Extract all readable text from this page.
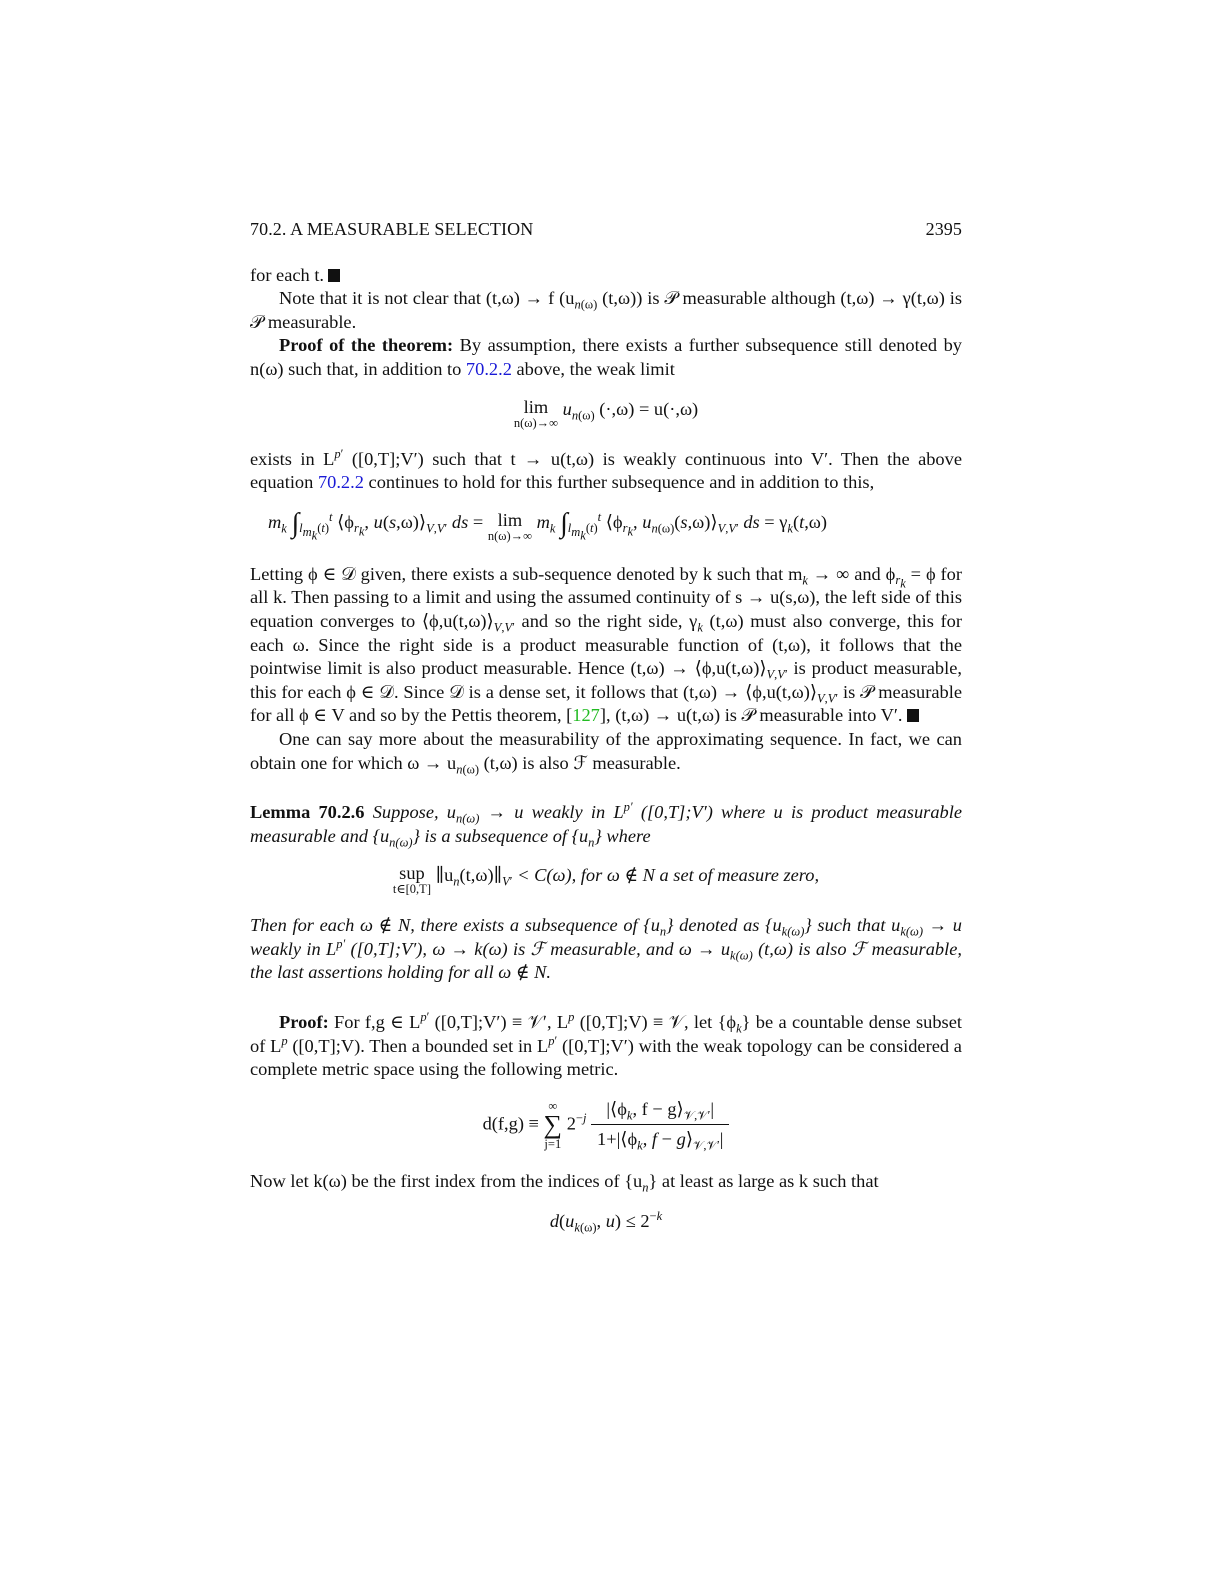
70.2. A MEASURABLE SELECTION	2395

for each t.

Note that it is not clear that (t,ω) → f ($u_{n(\omega)}$ (t,ω)) is 𝒫 measurable although (t,ω) → γ(t,ω) is 𝒫 measurable.

Proof of the theorem: By assumption, there exists a further subsequence still denoted by n(ω) such that, in addition to 70.2.2 above, the weak limit

lim
n(ω)→∞
$u_{n(\omega)}$ (·,ω) = u(·,ω)

exists in $L^{p'}$ ([0,T];V′) such that t → u(t,ω) is weakly continuous into V′. Then the above equation 70.2.2 continues to hold for this further subsequence and in addition to this,

$m_k$ $\int_{l_{m_k}(t)}^t$ $⟨\phi_{r_k}$, $u(s,\omega)⟩_{V,V'}$ ds = lim
n(ω)→∞
$m_k$ $\int_{l_{m_k}(t)}^t$ $⟨\phi_{r_k}$, $u_{n(\omega)}(s,\omega)⟩_{V,V'}$ ds = $\gamma_k(t,\omega)$

Letting ϕ ∈ 𝒟 given, there exists a sub-sequence denoted by k such that $m_k$ → ∞ and $\phi_{r_k} = \phi$ for all k. Then passing to a limit and using the assumed continuity of s → u(s,ω), the left side of this equation converges to $⟨\phi,u(t,\omega)⟩_{V,V'}$ and so the right side, $\gamma_k$ (t,ω) must also converge, this for each ω. Since the right side is a product measurable function of (t,ω), it follows that the pointwise limit is also product measurable. Hence $(t,\omega) \to ⟨\phi,u(t,\omega)⟩_{V,V'}$ is product measurable, this for each ϕ ∈ 𝒟. Since 𝒟 is a dense set, it follows that $(t,\omega) \to ⟨\phi,u(t,\omega)⟩_{V,V'}$ is 𝒫 measurable for all ϕ ∈ V and so by the Pettis theorem, [127], (t,ω) → u(t,ω) is 𝒫 measurable into V′.

One can say more about the measurability of the approximating sequence. In fact, we can obtain one for which $\omega \to u_{n(\omega)}$ (t,ω) is also ℱ measurable.

Lemma 70.2.6 Suppose, $u_{n(\omega)} \to u$ weakly in $L^{p'}$ ([0,T];V′) where u is product measurable measurable and $\{u_{n(\omega)}\}$ is a subsequence of $\{u_n\}$ where

sup
t∈[0,T]
$\parallel u_n(t,\omega)\parallel_{V'} < C(\omega)$, for ω ∉ N a set of measure zero,

Then for each ω ∉ N, there exists a subsequence of $\{u_n\}$ denoted as $\{u_{k(\omega)}\}$ such that $u_{k(\omega)} \to u$ weakly in $L^{p'}$ ([0,T];V′), ω → k(ω) is ℱ measurable, and $\omega \to u_{k(\omega)}$ (t,ω) is also ℱ measurable, the last assertions holding for all ω ∉ N.

Proof: For f,g ∈ $L^{p'}$ ([0,T];V′) ≡ 𝒱′, $L^p$ ([0,T];V) ≡ 𝒱, let $\{\phi_k\}$ be a countable dense subset of $L^p$ ([0,T];V). Then a bounded set in $L^{p'}$ ([0,T];V′) with the weak topology can be considered a complete metric space using the following metric.

d(f,g) ≡
∞
∑
j=1
$2^{-j} \frac{|⟨\phi_k, f - g⟩_{𝒱,𝒱'}|}{1+|⟨\phi_k, f - g⟩_{𝒱,𝒱'}|}$

Now let k(ω) be the first index from the indices of $\{u_n\}$ at least as large as k such that

$d(u_{k(\omega)}$, $u) \le 2^{-k}$
